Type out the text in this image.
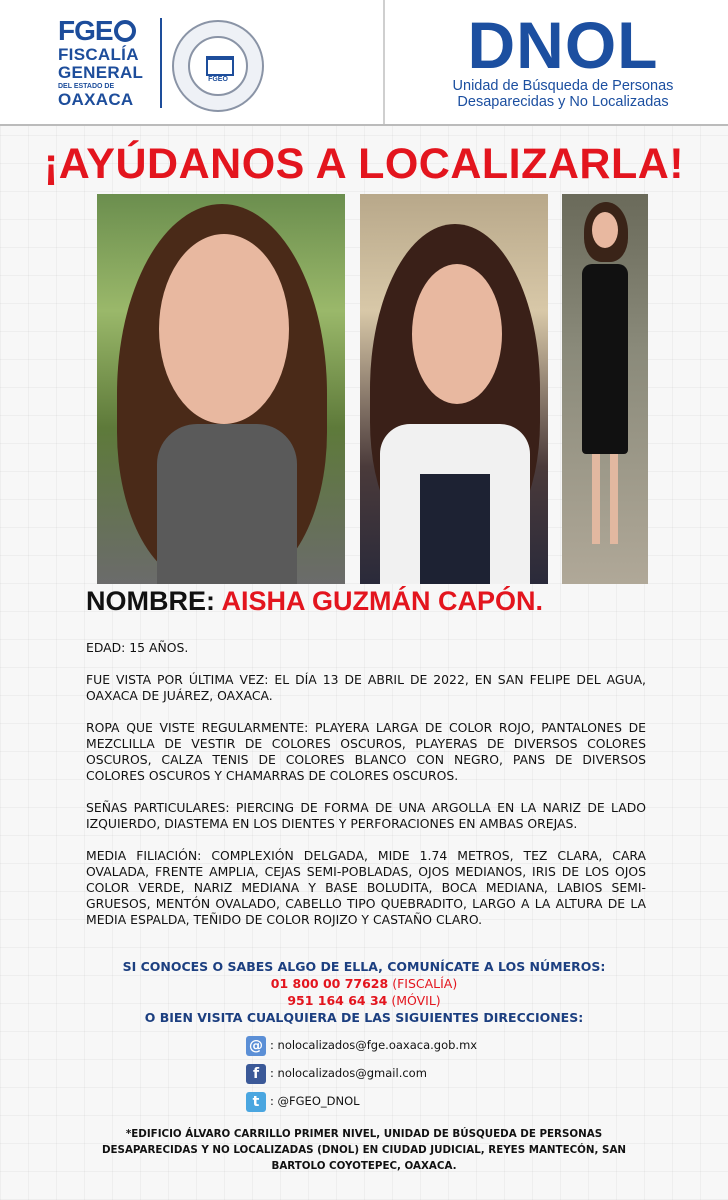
FGE
FISCALÍA
GENERAL
DEL ESTADO DE
OAXACA
FGEO	DNOL
Unidad de Búsqueda de Personas
Desaparecidas y No Localizadas
¡AYÚDANOS A LOCALIZARLA!
NOMBRE: AISHA GUZMÁN CAPÓN.

EDAD: 15 AÑOS.

FUE VISTA POR ÚLTIMA VEZ: EL DÍA 13 DE ABRIL DE 2022, EN SAN FELIPE DEL AGUA, OAXACA DE JUÁREZ, OAXACA.

ROPA QUE VISTE REGULARMENTE: PLAYERA LARGA DE COLOR ROJO, PANTALONES DE MEZCLILLA DE VESTIR DE COLORES OSCUROS, PLAYERAS DE DIVERSOS COLORES OSCUROS, CALZA TENIS DE COLORES BLANCO CON NEGRO, PANS DE DIVERSOS COLORES OSCUROS Y CHAMARRAS DE COLORES OSCUROS.

SEÑAS PARTICULARES: PIERCING DE FORMA DE UNA ARGOLLA EN LA NARIZ DE LADO IZQUIERDO, DIASTEMA EN LOS DIENTES Y PERFORACIONES EN AMBAS OREJAS.

MEDIA FILIACIÓN: COMPLEXIÓN DELGADA, MIDE 1.74 METROS, TEZ CLARA, CARA OVALADA, FRENTE AMPLIA, CEJAS SEMI-POBLADAS, OJOS MEDIANOS, IRIS DE LOS OJOS COLOR VERDE, NARIZ MEDIANA Y BASE BOLUDITA, BOCA MEDIANA, LABIOS SEMI-GRUESOS, MENTÓN OVALADO, CABELLO TIPO QUEBRADITO, LARGO A LA ALTURA DE LA MEDIA ESPALDA, TEÑIDO DE COLOR ROJIZO Y CASTAÑO CLARO.

SI CONOCES O SABES ALGO DE ELLA, COMUNÍCATE A LOS NÚMEROS:
01 800 00 77628 (FISCALÍA)
951 164 64 34 (MÓVIL)
O BIEN VISITA CUALQUIERA DE LAS SIGUIENTES DIRECCIONES:
@ : nolocalizados@fge.oaxaca.gob.mx
f : nolocalizados@gmail.com
t : @FGEO_DNOL
*EDIFICIO ÁLVARO CARRILLO PRIMER NIVEL, UNIDAD DE BÚSQUEDA DE PERSONAS DESAPARECIDAS Y NO LOCALIZADAS (DNOL) EN CIUDAD JUDICIAL, REYES MANTECÓN, SAN BARTOLO COYOTEPEC, OAXACA.
